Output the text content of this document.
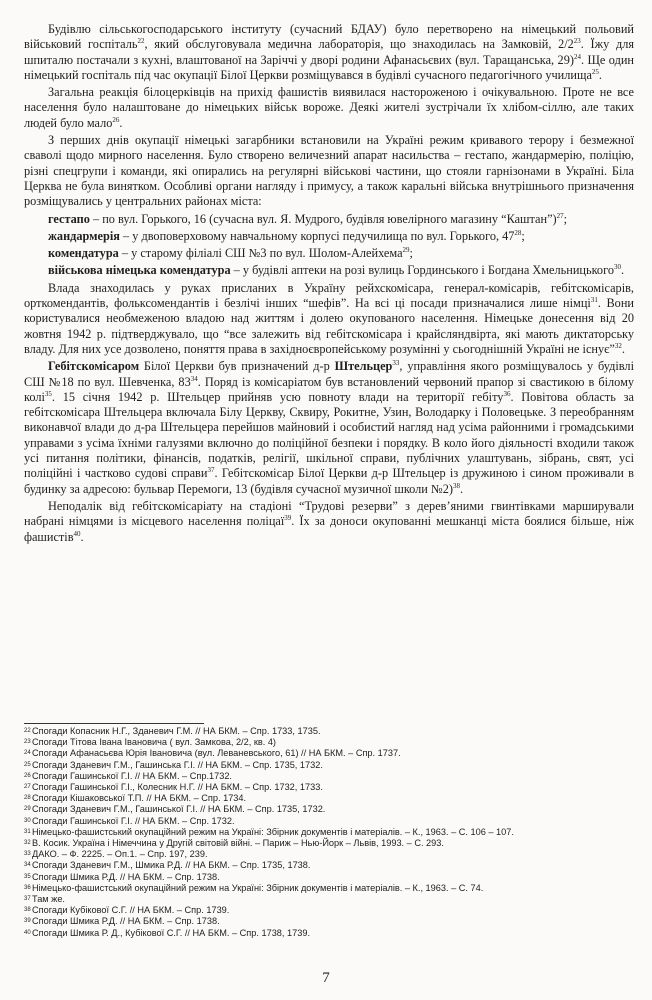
Будівлю сільськогосподарського інституту (сучасний БДАУ) було перетворено на німецький польовий військовий госпіталь$^{22}$, який обслуговувала медична лабораторія, що знаходилась на Замковій, $2/2^{23}$. Їжу для шпиталю постачали з кухні, влаштованої на Заріччі у дворі родини Афанасьєвих (вул. Таращанська, 29)$^{24}$. Ще один німецький госпіталь під час окупації Білої Церкви розміщувався в будівлі сучасного педагогічного училища$^{25}$.

Загальна реакція білоцерківців на прихід фашистів виявилася настороженою і очікувальною. Проте не все населення було налаштоване до німецьких військ вороже. Деякі жителі зустрічали їх хлібом-сіллю, але таких людей було мало$^{26}$.

З перших днів окупації німецькі загарбники встановили на Україні режим кривавого терору і безмежної сваволі щодо мирного населення. Було створено величезний апарат насильства – гестапо, жандармерію, поліцію, різні спецгрупи і команди, які опирались на регулярні військові частини, що стояли гарнізонами в Україні. Біла Церква не була винятком. Особливі органи нагляду і примусу, а також каральні війська внутрішнього призначення розміщувались у центральних районах міста:

гестапо – по вул. Горького, 16 (сучасна вул. Я. Мудрого, будівля ювелірного магазину “Каштан”)$^{27}$;

жандармерія – у двоповерховому навчальному корпусі педучилища по вул. Горького, $47^{28}$;

комендатура – у старому філіалі СШ №3 по вул. Шолом-Алейхема$^{29}$;

військова німецька комендатура – у будівлі аптеки на розі вулиць Гординського і Богдана Хмельницького$^{30}$.

Влада знаходилась у руках присланих в Україну рейхскомісара, генерал-комісарів, гебітскомісарів, орткомендантів, фольксомендантів і безлічі інших “шефів”. На всі ці посади призначалися лише німці$^{31}$. Вони користувалися необмеженою владою над життям і долею окупованого населення. Німецьке донесення від 20 жовтня 1942 р. підтверджувало, що “все залежить від гебітскомісара і крайсляндвірта, які мають диктаторську владу. Для них усе дозволено, поняття права в західноєвропейському розумінні у сьогоднішній Україні не існує”$^{32}$.

Гебітскомісаром Білої Церкви був призначений д-р Штельцер$^{33}$, управління якого розміщувалось у будівлі СШ №18 по вул. Шевченка, $83^{34}$. Поряд із комісаріатом був встановлений червоний прапор зі свастикою в білому колі$^{35}$. 15 січня 1942 р. Штельцер прийняв усю повноту влади на території гебіту$^{36}$. Повітова область за гебітскомісара Штельцера включала Білу Церкву, Сквиру, Рокитне, Узин, Володарку і Половецьке. З переобранням виконавчої влади до д-ра Штельцера перейшов майновий і особистий нагляд над усіма районними і громадськими управами з усіма їхніми галузями включно до поліційної безпеки і порядку. В коло його діяльності входили також усі питання політики, фінансів, податків, релігії, шкільної справи, публічних улаштувань, зібрань, свят, усі поліційні і частково судові справи$^{37}$. Гебітскомісар Білої Церкви д-р Штельцер із дружиною і сином проживали в будинку за адресою: бульвар Перемоги, 13 (будівля сучасної музичної школи №2)$^{38}$.

Неподалік від гебітскомісаріату на стадіоні “Трудові резерви” з дерев’яними гвинтівками марширували набрані німцями із місцевого населення поліцаї$^{39}$. Їх за доноси окупованні мешканці міста боялися більше, ніж фашистів$^{40}$.

22Спогади Копасник Н.Г., Зданевич Г.М. // НА БКМ. – Спр. 1733, 1735.
23Спогади Тітова Івана Івановича ( вул. Замкова, 2/2, кв. 4)
24Спогади Афанасьєва Юрія Івановича (вул. Леваневського, 61) // НА БКМ. – Спр. 1737.
25Спогади Зданевич Г.М., Гашинська Г.І. // НА БКМ. – Спр. 1735, 1732.
26Спогади Гашинської Г.І. // НА БКМ. – Спр.1732.
27Спогади Гашинської Г.І., Колесник Н.Г. // НА БКМ. – Спр. 1732, 1733.
28Спогади Кішаковської Т.П. // НА БКМ. – Спр. 1734.
29Спогади Зданевич Г.М., Гашинської Г.І. // НА БКМ. – Спр. 1735, 1732.
30Спогади Гашинської Г.І. // НА БКМ. – Спр. 1732.
31Німецько-фашистський окупаційний режим на Україні: Збірник документів і матеріалів. – К., 1963. – С. 106 – 107.
32В. Косик. Україна і Німеччина у Другій світовій війні. – Париж – Нью-Йорк – Львів, 1993. – С. 293.
33ДАКО. – Ф. 2225. – Оп.1. – Спр. 197, 239.
34Спогади Зданевич Г.М., Шмика Р.Д. // НА БКМ. – Спр. 1735, 1738.
35Спогади Шмика Р.Д. // НА БКМ. – Спр. 1738.
36Німецько-фашистський окупаційний режим на Україні: Збірник документів і матеріалів. – К., 1963. – С. 74.
37Там же.
38Спогади Кубікової С.Г. // НА БКМ. – Спр. 1739.
39Спогади Шмика Р.Д. // НА БКМ. – Спр. 1738.
40Спогади Шмика Р. Д., Кубікової С.Г. // НА БКМ. – Спр. 1738, 1739.
7
